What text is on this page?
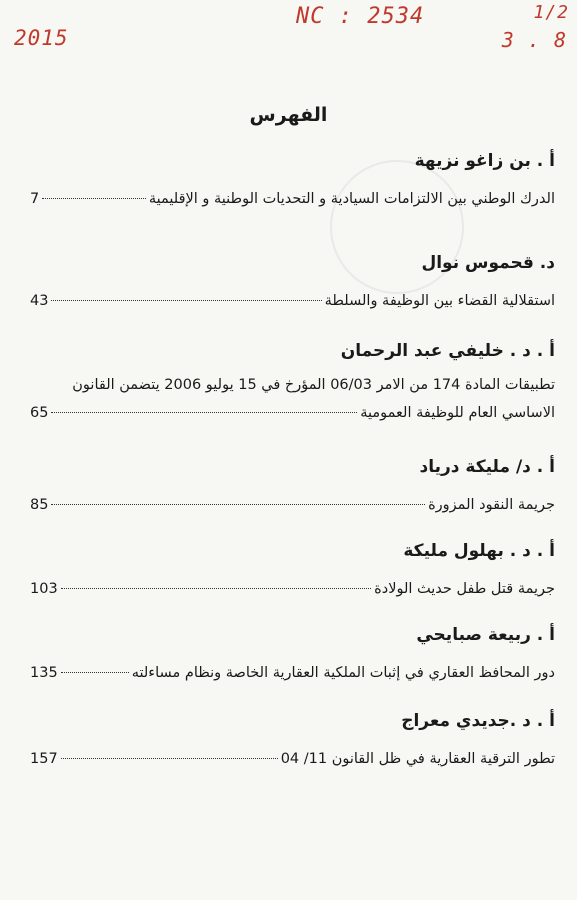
2015
NC : 2534	1/2
3 . 8
الفهرس
أ . بن زاغو نزيهة
الدرك الوطني بين الالتزامات السيادية و التحديات الوطنية و الإقليمية
7
د. قحموس نوال
استقلالية القضاء بين الوظيفة والسلطة
43
أ . د . خليفي عبد الرحمان
تطبيقات المادة 174 من الامر 06/03 المؤرخ في 15 يوليو 2006 يتضمن القانون
الاساسي العام للوظيفة العمومية
65
أ . د/ مليكة درياد
جريمة النقود المزورة
85
أ . د . بهلول مليكة
جريمة قتل طفل حديث الولادة
103
أ . ربيعة صبايحي
دور المحافظ العقاري في إثبات الملكية العقارية الخاصة ونظام مساءلته
135
أ . د .جديدي معراج
تطور الترقية العقارية في ظل القانون 11/ 04
157
